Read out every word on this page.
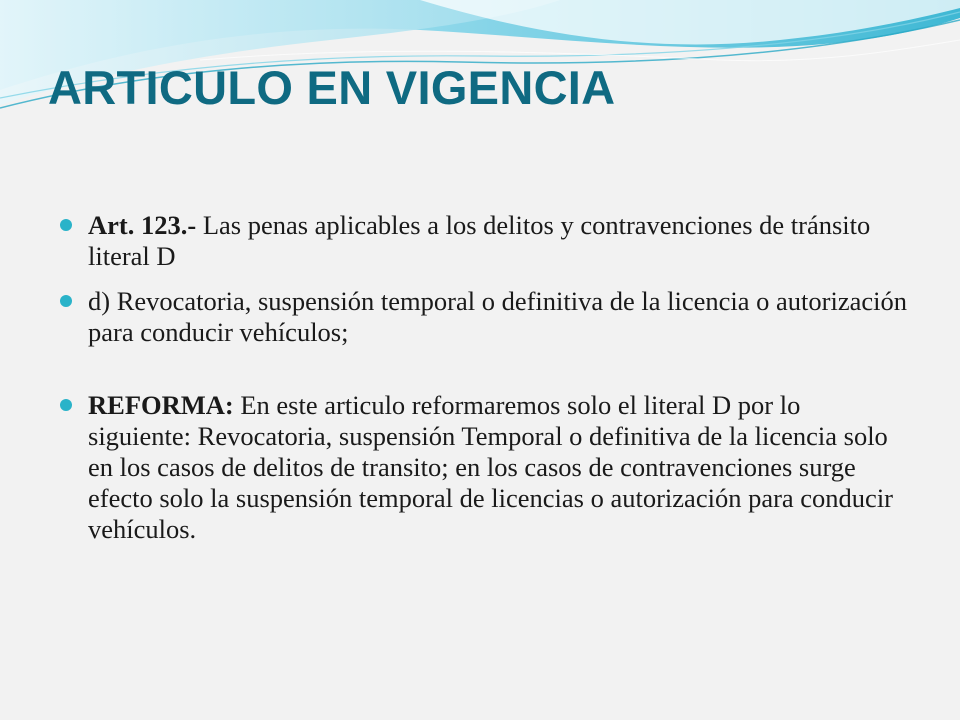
ARTICULO EN VIGENCIA
Art. 123.- Las penas aplicables a los delitos y contravenciones de tránsito literal D
d) Revocatoria, suspensión temporal o definitiva de la licencia o autorización para conducir vehículos;
REFORMA: En este articulo reformaremos solo el literal D por lo siguiente: Revocatoria, suspensión Temporal o definitiva de la licencia solo en los casos de delitos de transito; en los casos de contravenciones surge efecto solo la suspensión temporal de licencias o autorización para conducir vehículos.
